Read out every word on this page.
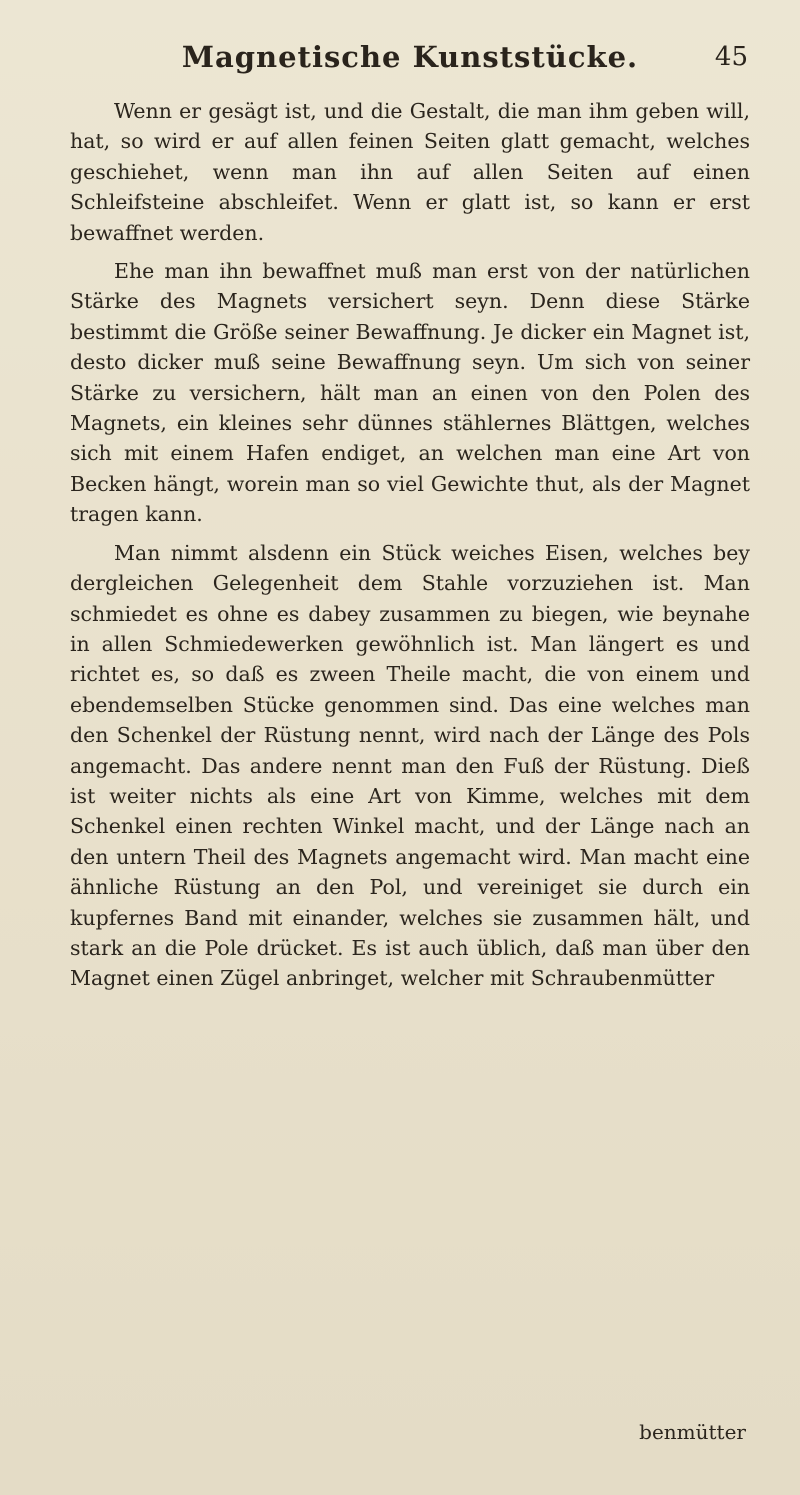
Magnetische Kunststücke.	45

Wenn er gesägt ist, und die Gestalt, die man ihm geben will, hat, so wird er auf allen feinen Seiten glatt gemacht, welches geschiehet, wenn man ihn auf allen Seiten auf einen Schleifsteine abschleifet. Wenn er glatt ist, so kann er erst bewaffnet werden.

Ehe man ihn bewaffnet muß man erst von der natürlichen Stärke des Magnets versichert seyn. Denn diese Stärke bestimmt die Größe seiner Bewaffnung. Je dicker ein Magnet ist, desto dicker muß seine Bewaffnung seyn. Um sich von seiner Stärke zu versichern, hält man an einen von den Polen des Magnets, ein kleines sehr dünnes stählernes Blättgen, welches sich mit einem Hafen endiget, an welchen man eine Art von Becken hängt, worein man so viel Gewichte thut, als der Magnet tragen kann.

Man nimmt alsdenn ein Stück weiches Eisen, welches bey dergleichen Gelegenheit dem Stahle vorzuziehen ist. Man schmiedet es ohne es dabey zusammen zu biegen, wie beynahe in allen Schmiedewerken gewöhnlich ist. Man längert es und richtet es, so daß es zween Theile macht, die von einem und ebendemselben Stücke genommen sind. Das eine welches man den Schenkel der Rüstung nennt, wird nach der Länge des Pols angemacht. Das andere nennt man den Fuß der Rüstung. Dieß ist weiter nichts als eine Art von Kimme, welches mit dem Schenkel einen rechten Winkel macht, und der Länge nach an den untern Theil des Magnets angemacht wird. Man macht eine ähnliche Rüstung an den Pol, und vereiniget sie durch ein kupfernes Band mit einander, welches sie zusammen hält, und stark an die Pole drücket. Es ist auch üblich, daß man über den Magnet einen Zügel anbringet, welcher mit Schraubenmütter

benmütter
